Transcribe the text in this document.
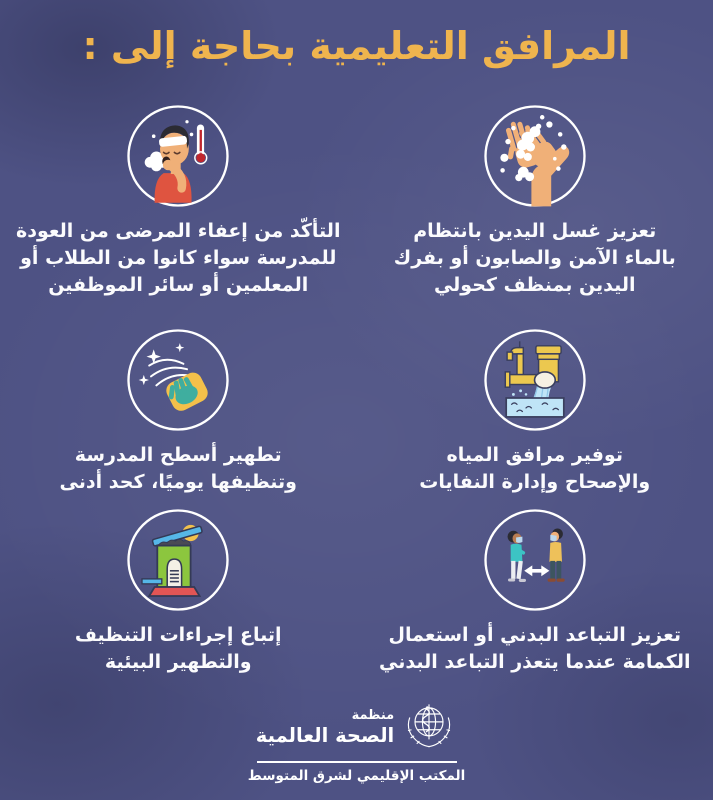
المرافق التعليمية بحاجة إلى :
تعزيز غسل اليدين بانتظام
بالماء الآمن والصابون أو بفرك
اليدين بمنظف كحولي
التأكّد من إعفاء المرضى من العودة
للمدرسة سواء كانوا من الطلاب أو
المعلمين أو سائر الموظفين
توفير مرافق المياه
والإصحاح وإدارة النفايات
تطهير أسطح المدرسة
وتنظيفها يوميًا، كحد أدنى
تعزيز التباعد البدني أو استعمال
الكمامة عندما يتعذر التباعد البدني
إتباع إجراءات التنظيف
والتطهير البيئية
منظمة
الصحة العالمية
المكتب الإقليمي لشرق المتوسط
